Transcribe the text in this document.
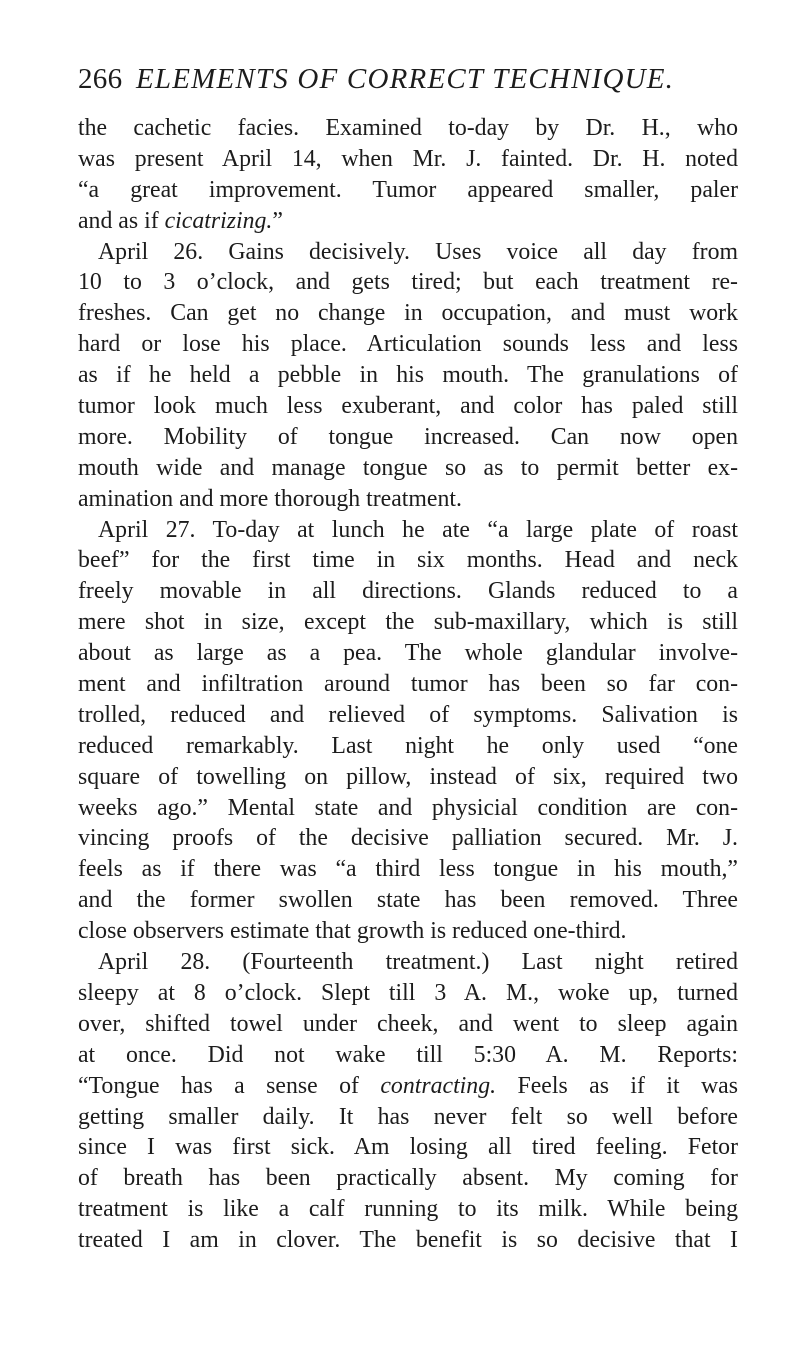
266 ELEMENTS OF CORRECT TECHNIQUE.
the cachetic facies. Examined to-day by Dr. H., who
was present April 14, when Mr. J. fainted. Dr. H. noted
“a great improvement. Tumor appeared smaller, paler
and as if cicatrizing.”
April 26. Gains decisively. Uses voice all day from
10 to 3 o’clock, and gets tired; but each treatment re-
freshes. Can get no change in occupation, and must work
hard or lose his place. Articulation sounds less and less
as if he held a pebble in his mouth. The granulations of
tumor look much less exuberant, and color has paled still
more. Mobility of tongue increased. Can now open
mouth wide and manage tongue so as to permit better ex-
amination and more thorough treatment.
April 27. To-day at lunch he ate “a large plate of roast
beef” for the first time in six months. Head and neck
freely movable in all directions. Glands reduced to a
mere shot in size, except the sub-maxillary, which is still
about as large as a pea. The whole glandular involve-
ment and infiltration around tumor has been so far con-
trolled, reduced and relieved of symptoms. Salivation is
reduced remarkably. Last night he only used “one
square of towelling on pillow, instead of six, required two
weeks ago.” Mental state and physicial condition are con-
vincing proofs of the decisive palliation secured. Mr. J.
feels as if there was “a third less tongue in his mouth,”
and the former swollen state has been removed. Three
close observers estimate that growth is reduced one-third.
April 28. (Fourteenth treatment.) Last night retired
sleepy at 8 o’clock. Slept till 3 A. M., woke up, turned
over, shifted towel under cheek, and went to sleep again
at once. Did not wake till 5:30 A. M. Reports:
“Tongue has a sense of contracting. Feels as if it was
getting smaller daily. It has never felt so well before
since I was first sick. Am losing all tired feeling. Fetor
of breath has been practically absent. My coming for
treatment is like a calf running to its milk. While being
treated I am in clover. The benefit is so decisive that I
